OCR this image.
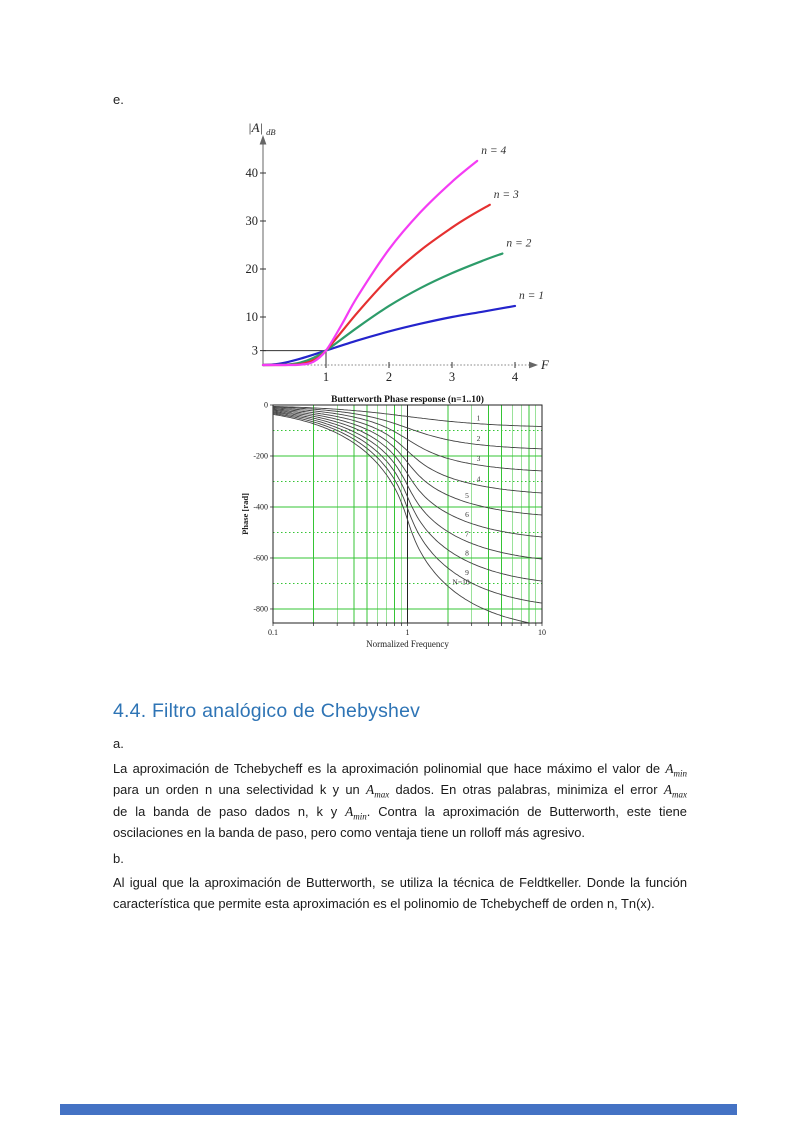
e.
F
|A| $_{dB}$
3
10
20
30
40
1	2	3	4
n = 1
n = 2
n = 3
n = 4
0
-200
-400
-600
-800
1
2
3
4
5
6
7
8
9
N=10
Butterworth Phase response (n=1..10)
Phase [rad]
0.1	1	10
Normalized Frequency
4.4. Filtro analógico de Chebyshev
a.
La aproximación de Tchebycheff es la aproximación polinomial que hace máximo el valor de $A_{min}$
para un orden n una selectividad k y un $A_{max}$ dados. En otras palabras, minimiza el error $A_{max}$
de la banda de paso dados n, k y $A_{min}$. Contra la aproximación de Butterworth, este tiene
oscilaciones en la banda de paso, pero como ventaja tiene un rolloff más agresivo.
b.
Al igual que la aproximación de Butterworth, se utiliza la técnica de Feldtkeller. Donde la función
característica que permite esta aproximación es el polinomio de Tchebycheff de orden n, Tn(x).
